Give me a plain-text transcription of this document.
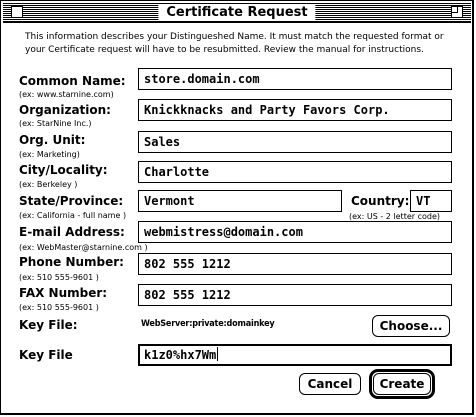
Certificate Request
This information describes your Distingueshed Name. It must match the requested format or your Certificate request will have to be resubmitted. Review the manual for instructions.
Common Name:
(ex: www.starnine.com)
store.domain.com
Organization:
(ex: StarNine Inc.)
Knickknacks and Party Favors Corp.
Org. Unit:
(ex: Marketing)
Sales
City/Locality:
(ex: Berkeley )
Charlotte
State/Province:
(ex: California - full name )
Vermont	Country:
(ex: US - 2 letter code)
VT
E-mail Address:
(ex: WebMaster@starnine.com )
webmistress@domain.com
Phone Number:
(ex: 510 555-9601 )
802 555 1212
FAX Number:
(ex: 510 555-9601 )
802 555 1212
Key File:	WebServer:private:domainkey	Choose...
Key File	k1z0%hx7Wm
Cancel	Create
